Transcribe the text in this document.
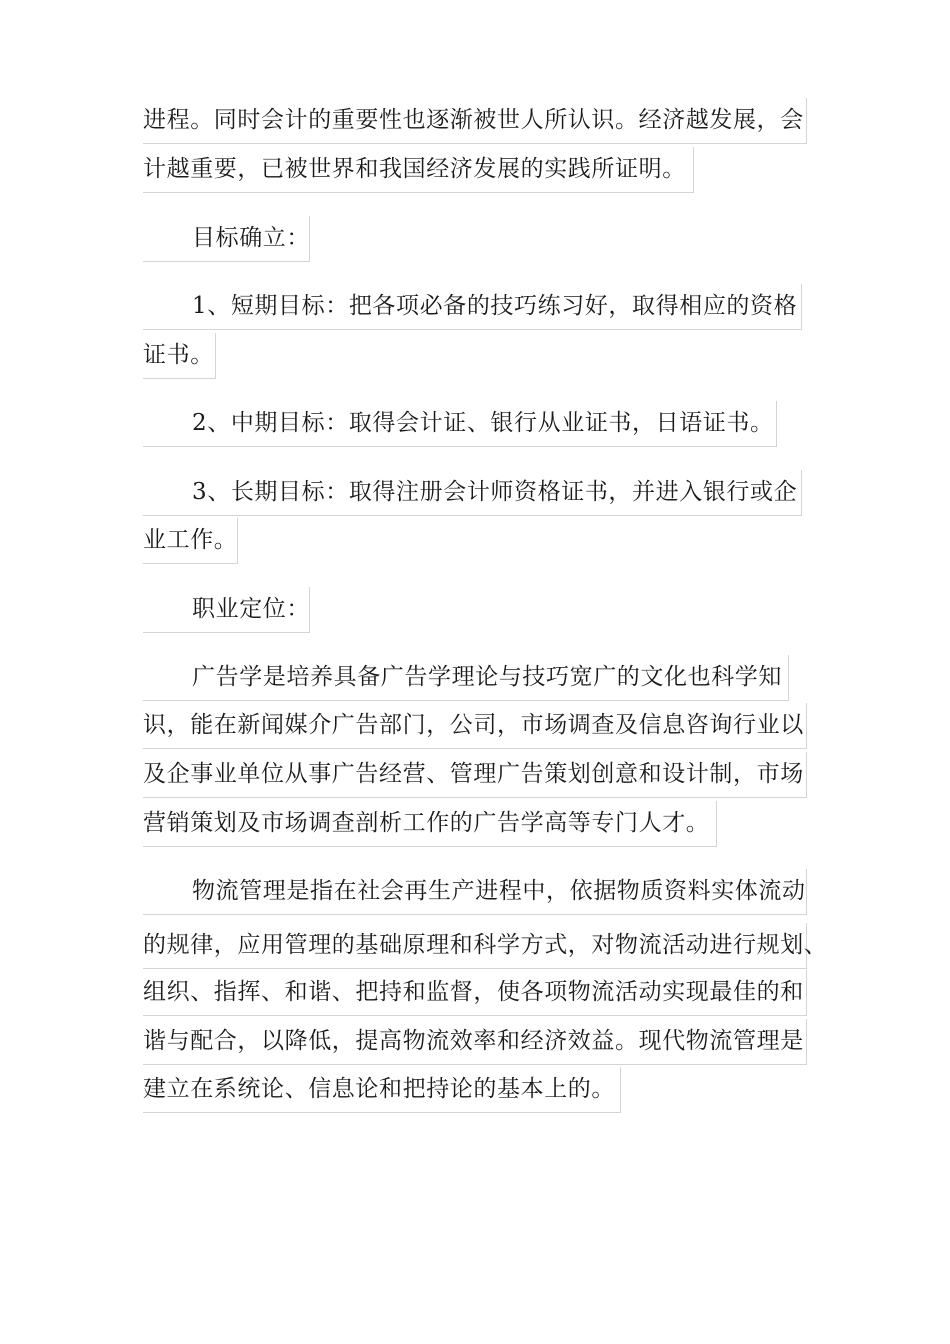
进程。同时会计的重要性也逐渐被世人所认识。经济越发展，会
计越重要，已被世界和我国经济发展的实践所证明。
目标确立：
1、短期目标：把各项必备的技巧练习好，取得相应的资格
证书。
2、中期目标：取得会计证、银行从业证书，日语证书。
3、长期目标：取得注册会计师资格证书，并进入银行或企
业工作。
职业定位：
广告学是培养具备广告学理论与技巧宽广的文化也科学知
识，能在新闻媒介广告部门，公司，市场调查及信息咨询行业以
及企事业单位从事广告经营、管理广告策划创意和设计制，市场
营销策划及市场调查剖析工作的广告学高等专门人才。
物流管理是指在社会再生产进程中，依据物质资料实体流动
的规律，应用管理的基础原理和科学方式，对物流活动进行规划、
组织、指挥、和谐、把持和监督，使各项物流活动实现最佳的和
谐与配合，以降低，提高物流效率和经济效益。现代物流管理是
建立在系统论、信息论和把持论的基本上的。
